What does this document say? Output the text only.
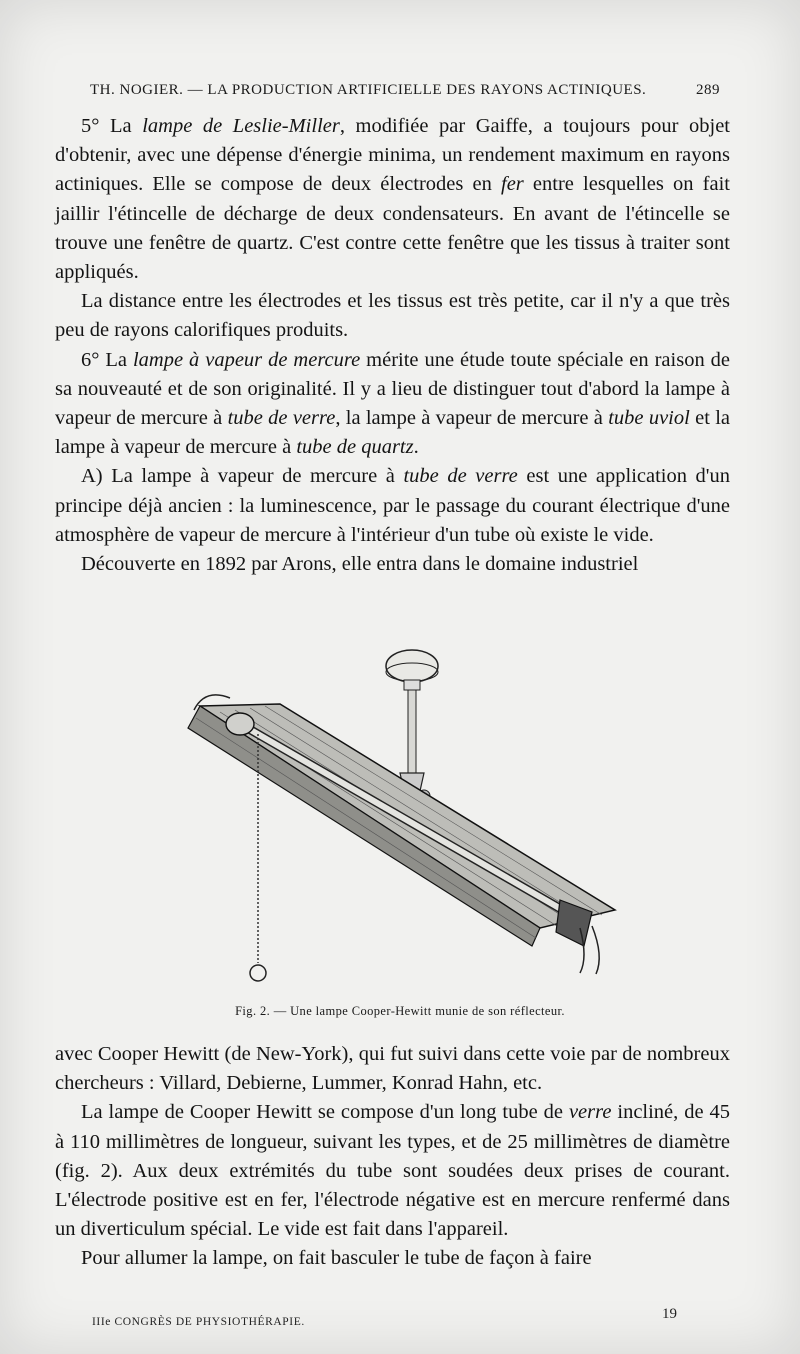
TH. NOGIER. — LA PRODUCTION ARTIFICIELLE DES RAYONS ACTINIQUES.	289

5° La lampe de Leslie-Miller, modifiée par Gaiffe, a toujours pour objet d'obtenir, avec une dépense d'énergie minima, un rendement maximum en rayons actiniques. Elle se compose de deux électrodes en fer entre lesquelles on fait jaillir l'étincelle de décharge de deux condensateurs. En avant de l'étincelle se trouve une fenêtre de quartz. C'est contre cette fenêtre que les tissus à traiter sont appliqués.

La distance entre les électrodes et les tissus est très petite, car il n'y a que très peu de rayons calorifiques produits.

6° La lampe à vapeur de mercure mérite une étude toute spéciale en raison de sa nouveauté et de son originalité. Il y a lieu de distinguer tout d'abord la lampe à vapeur de mercure à tube de verre, la lampe à vapeur de mercure à tube uviol et la lampe à vapeur de mercure à tube de quartz.

A) La lampe à vapeur de mercure à tube de verre est une application d'un principe déjà ancien : la luminescence, par le passage du courant électrique d'une atmosphère de vapeur de mercure à l'intérieur d'un tube où existe le vide.

Découverte en 1892 par Arons, elle entra dans le domaine industriel

Fig. 2. — Une lampe Cooper-Hewitt munie de son réflecteur.

avec Cooper Hewitt (de New-York), qui fut suivi dans cette voie par de nombreux chercheurs : Villard, Debierne, Lummer, Konrad Hahn, etc.

La lampe de Cooper Hewitt se compose d'un long tube de verre incliné, de 45 à 110 millimètres de longueur, suivant les types, et de 25 millimètres de diamètre (fig. 2). Aux deux extrémités du tube sont soudées deux prises de courant. L'électrode positive est en fer, l'électrode négative est en mercure renfermé dans un diverticulum spécial. Le vide est fait dans l'appareil.

Pour allumer la lampe, on fait basculer le tube de façon à faire

IIIe CONGRÈS DE PHYSIOTHÉRAPIE.	19
